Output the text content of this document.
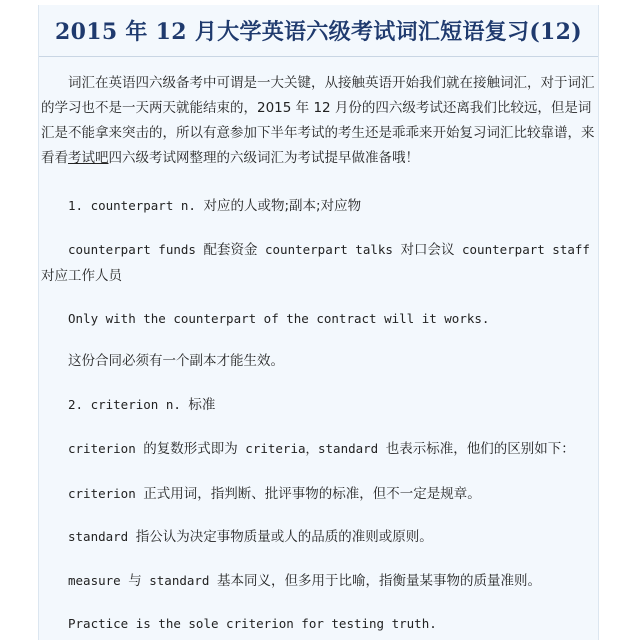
2015 年 12 月大学英语六级考试词汇短语复习(12)

词汇在英语四六级备考中可谓是一大关键，从接触英语开始我们就在接触词汇，对于词汇的学习也不是一天两天就能结束的，2015 年 12 月份的四六级考试还离我们比较远，但是词汇是不能拿来突击的，所以有意参加下半年考试的考生还是乖乖来开始复习词汇比较靠谱，来看看考试吧四六级考试网整理的六级词汇为考试提早做准备哦！

1. counterpart n. 对应的人或物;副本;对应物

counterpart funds 配套资金 counterpart talks 对口会议 counterpart staff 对应工作人员

Only with the counterpart of the contract will it works.

这份合同必须有一个副本才能生效。

2. criterion n. 标准

criterion 的复数形式即为 criteria，standard 也表示标准，他们的区别如下：

criterion 正式用词，指判断、批评事物的标准，但不一定是规章。

standard 指公认为决定事物质量或人的品质的准则或原则。

measure 与 standard 基本同义，但多用于比喻，指衡量某事物的质量准则。

Practice is the sole criterion for testing truth.
